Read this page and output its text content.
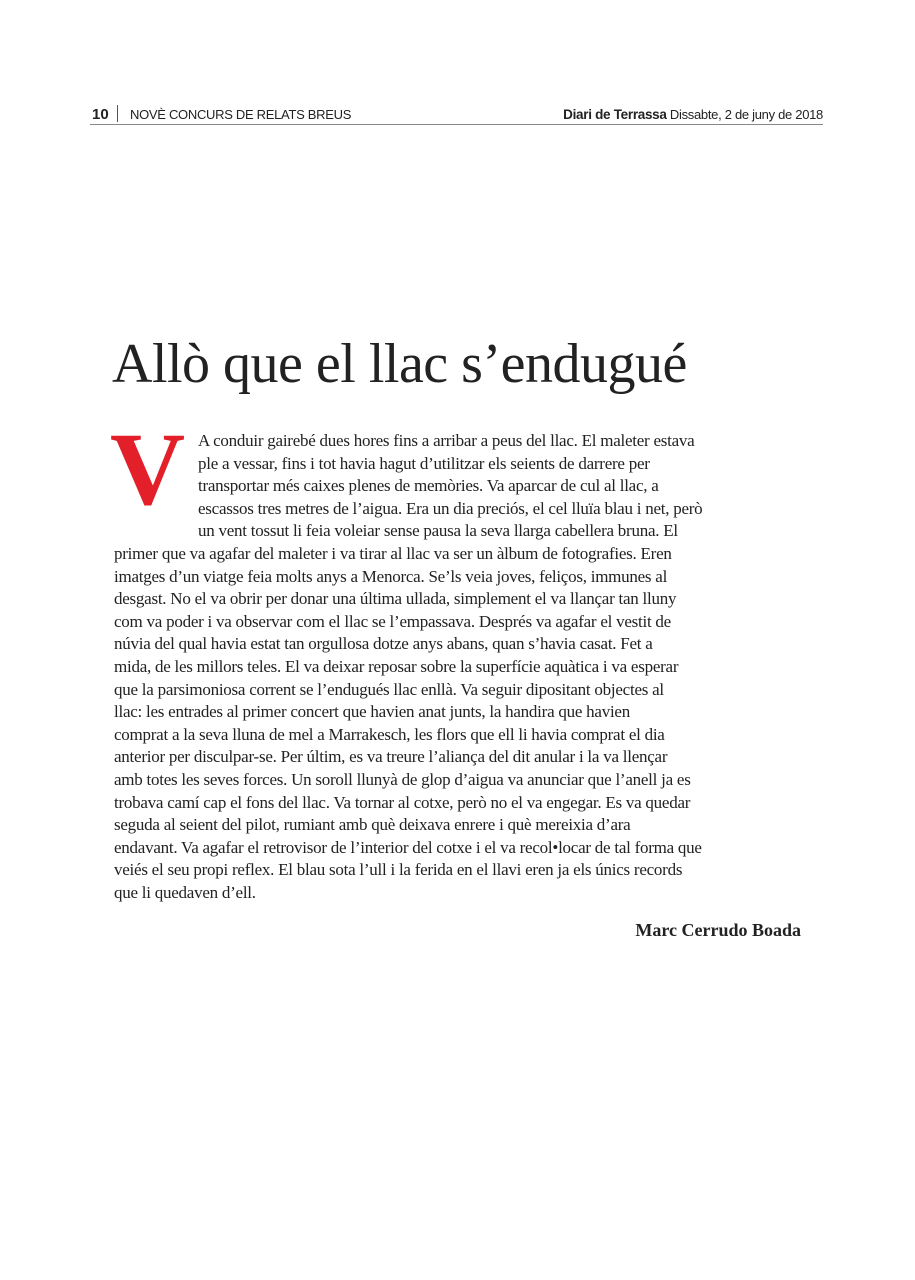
10 NOVÈ CONCURS DE RELATS BREUS	Diari de Terrassa Dissabte, 2 de juny de 2018
Allò que el llac s’endugué
V A conduir gairebé dues hores fins a arribar a peus del llac. El maleter estava
ple a vessar, fins i tot havia hagut d’utilitzar els seients de darrere per
transportar més caixes plenes de memòries. Va aparcar de cul al llac, a
escassos tres metres de l’aigua. Era un dia preciós, el cel lluïa blau i net, però
un vent tossut li feia voleiar sense pausa la seva llarga cabellera bruna. El
primer que va agafar del maleter i va tirar al llac va ser un àlbum de fotografies. Eren
imatges d’un viatge feia molts anys a Menorca. Se’ls veia joves, feliços, immunes al
desgast. No el va obrir per donar una última ullada, simplement el va llançar tan lluny
com va poder i va observar com el llac se l’empassava. Després va agafar el vestit de
núvia del qual havia estat tan orgullosa dotze anys abans, quan s’havia casat. Fet a
mida, de les millors teles. El va deixar reposar sobre la superfície aquàtica i va esperar
que la parsimoniosa corrent se l’endugués llac enllà. Va seguir dipositant objectes al
llac: les entrades al primer concert que havien anat junts, la handira que havien
comprat a la seva lluna de mel a Marrakesch, les flors que ell li havia comprat el dia
anterior per disculpar-se. Per últim, es va treure l’aliança del dit anular i la va llençar
amb totes les seves forces. Un soroll llunyà de glop d’aigua va anunciar que l’anell ja es
trobava camí cap el fons del llac. Va tornar al cotxe, però no el va engegar. Es va quedar
seguda al seient del pilot, rumiant amb què deixava enrere i què mereixia d’ara
endavant. Va agafar el retrovisor de l’interior del cotxe i el va recol•locar de tal forma que
veiés el seu propi reflex. El blau sota l’ull i la ferida en el llavi eren ja els únics records
que li quedaven d’ell.
Marc Cerrudo Boada
